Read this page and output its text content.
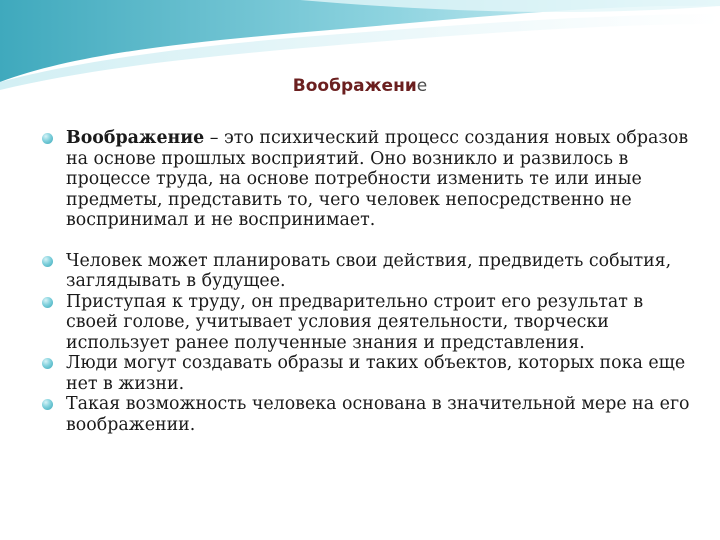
Воображение
Воображение – это психический процесс создания новых образов на основе прошлых восприятий. Оно возникло и развилось в процессе труда, на основе потребности изменить те или иные предметы, представить то, чего человек непосредственно не воспринимал и не воспринимает.
Человек может планировать свои действия, предвидеть события, заглядывать в будущее.
Приступая к труду, он предварительно строит его результат в своей голове, учитывает условия деятельности, творчески использует ранее полученные знания и представления.
Люди могут создавать образы и таких объектов, которых пока еще нет в жизни.
Такая возможность человека основана в значительной мере на его воображении.
